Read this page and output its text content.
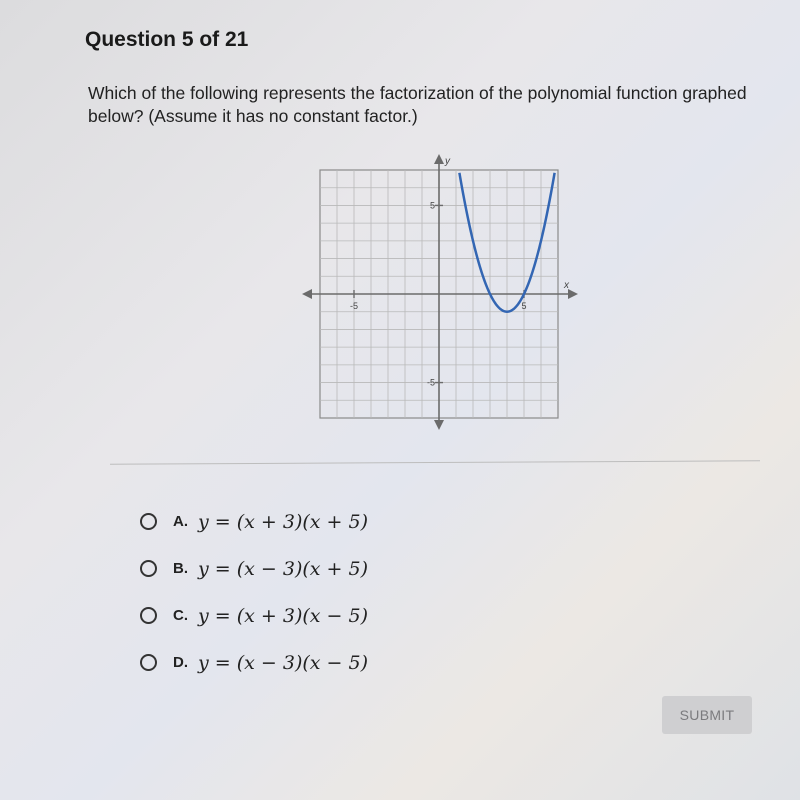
Question 5 of 21
Which of the following represents the factorization of the polynomial function graphed below? (Assume it has no constant factor.)
x
y
-5	5
5
-5
A. y = (x + 3)(x + 5)
B. y = (x − 3)(x + 5)
C. y = (x + 3)(x − 5)
D. y = (x − 3)(x − 5)
SUBMIT
